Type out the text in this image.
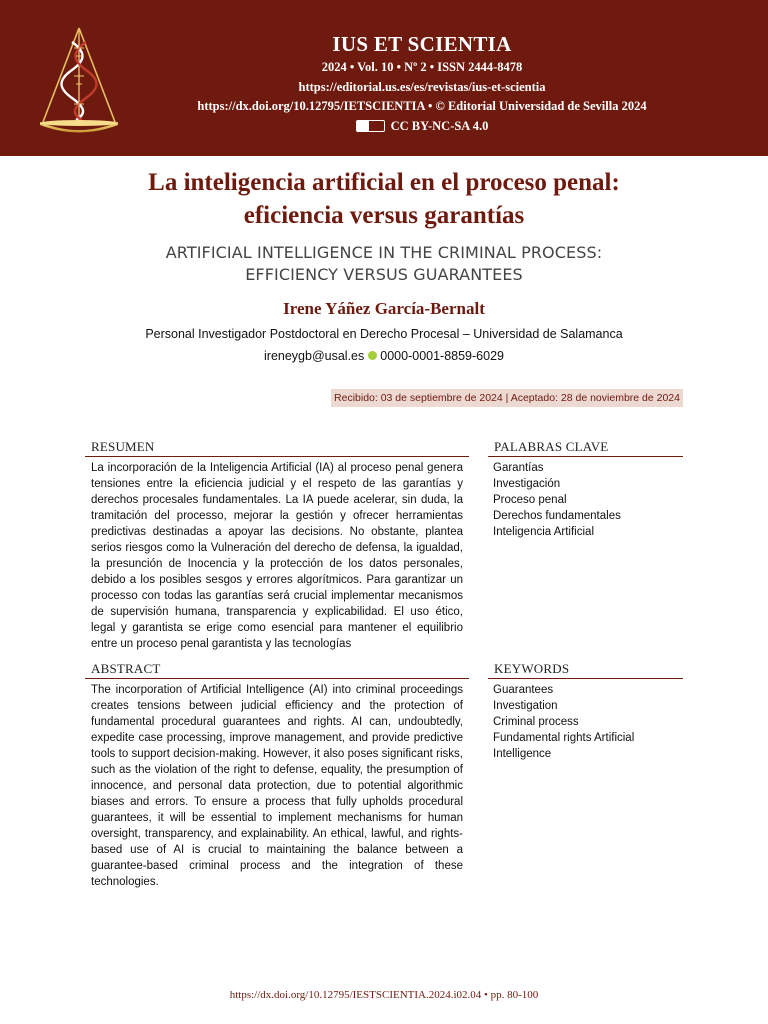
IUS ET SCIENTIA
2024 • Vol. 10 • Nº 2 • ISSN 2444-8478
https://editorial.us.es/es/revistas/ius-et-scientia
https://dx.doi.org/10.12795/IETSCIENTIA • © Editorial Universidad de Sevilla 2024
CC BY-NC-SA 4.0
La inteligencia artificial en el proceso penal:
eficiencia versus garantías
ARTIFICIAL INTELLIGENCE IN THE CRIMINAL PROCESS:
EFFICIENCY VERSUS GUARANTEES
Irene Yáñez García-Bernalt
Personal Investigador Postdoctoral en Derecho Procesal – Universidad de Salamanca
ireneygb@usal.es 0000-0001-8859-6029
Recibido: 03 de septiembre de 2024 | Aceptado: 28 de noviembre de 2024
RESUMEN

La incorporación de la Inteligencia Artificial (IA) al proceso penal genera tensiones entre la eficiencia judicial y el respeto de las garantías y derechos procesales fundamentales. La IA puede acelerar, sin duda, la tramitación del processo, mejorar la gestión y ofrecer herramientas predictivas destinadas a apoyar las decisions. No obstante, plantea serios riesgos como la Vulneración del derecho de defensa, la igualdad, la presunción de Inocencia y la protección de los datos personales, debido a los posibles sesgos y errores algorítmicos. Para garantizar un processo con todas las garantías será crucial implementar mecanismos de supervisión humana, transparencia y explicabilidad. El uso ético, legal y garantista se erige como esencial para mantener el equilibrio entre un proceso penal garantista y las tecnologías

PALABRAS CLAVE
Garantías
Investigación
Proceso penal
Derechos fundamentales
Inteligencia Artificial
ABSTRACT

The incorporation of Artificial Intelligence (AI) into criminal proceedings creates tensions between judicial efficiency and the protection of fundamental procedural guarantees and rights. AI can, undoubtedly, expedite case processing, improve management, and provide predictive tools to support decision-making. However, it also poses significant risks, such as the violation of the right to defense, equality, the presumption of innocence, and personal data protection, due to potential algorithmic biases and errors. To ensure a process that fully upholds procedural guarantees, it will be essential to implement mechanisms for human oversight, transparency, and explainability. An ethical, lawful, and rights-based use of AI is crucial to maintaining the balance between a guarantee-based criminal process and the integration of these technologies.

KEYWORDS
Guarantees
Investigation
Criminal process
Fundamental rights Artificial Intelligence
https://dx.doi.org/10.12795/IESTSCIENTIA.2024.i02.04 • pp. 80-100
